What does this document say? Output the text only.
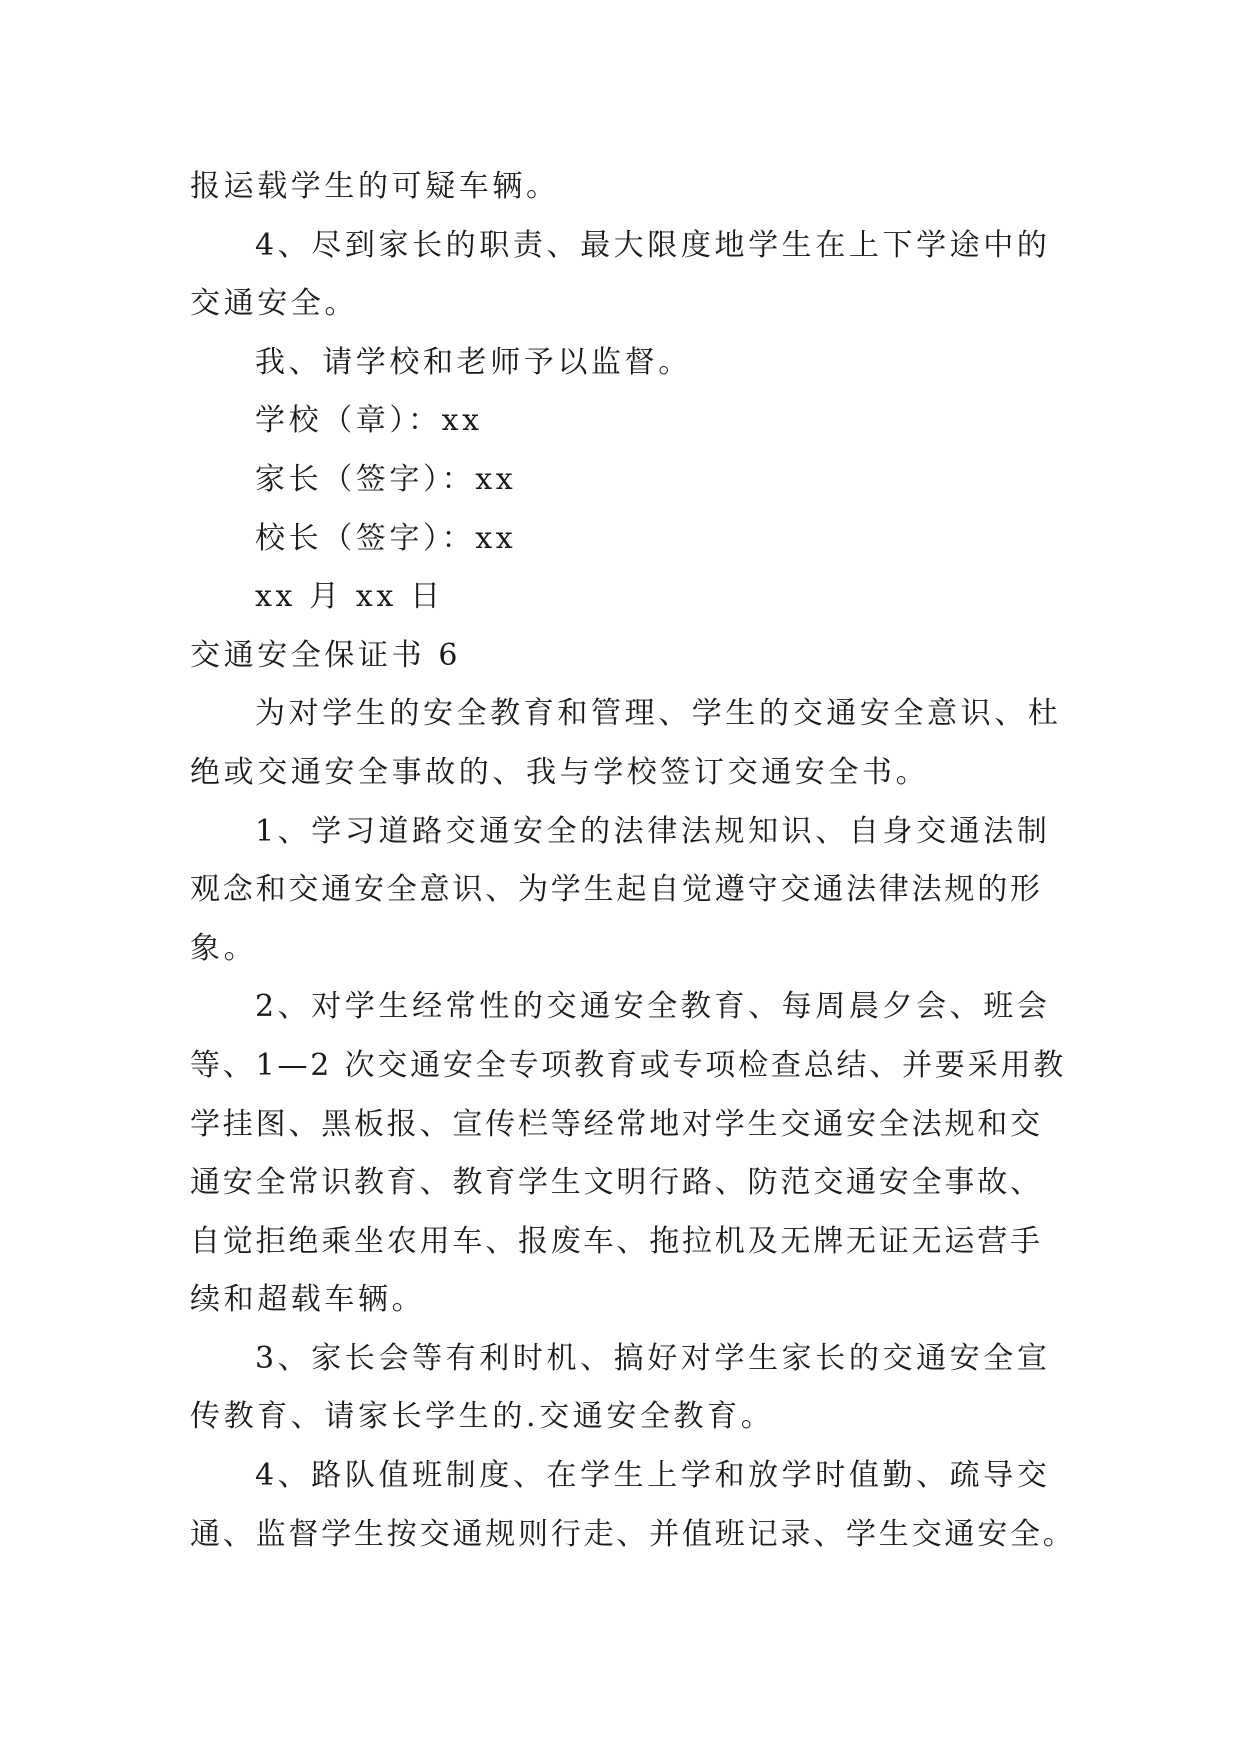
报运载学生的可疑车辆。
4、尽到家长的职责、最大限度地学生在上下学途中的
交通安全。
我、请学校和老师予以监督。
学校（章）：xx
家长（签字）：xx
校长（签字）：xx
xx 月 xx 日
交通安全保证书 6
为对学生的安全教育和管理、学生的交通安全意识、杜
绝或交通安全事故的、我与学校签订交通安全书。
1、学习道路交通安全的法律法规知识、自身交通法制
观念和交通安全意识、为学生起自觉遵守交通法律法规的形
象。
2、对学生经常性的交通安全教育、每周晨夕会、班会
等、1—2 次交通安全专项教育或专项检查总结、并要采用教
学挂图、黑板报、宣传栏等经常地对学生交通安全法规和交
通安全常识教育、教育学生文明行路、防范交通安全事故、
自觉拒绝乘坐农用车、报废车、拖拉机及无牌无证无运营手
续和超载车辆。
3、家长会等有利时机、搞好对学生家长的交通安全宣
传教育、请家长学生的.交通安全教育。
4、路队值班制度、在学生上学和放学时值勤、疏导交
通、监督学生按交通规则行走、并值班记录、学生交通安全。
